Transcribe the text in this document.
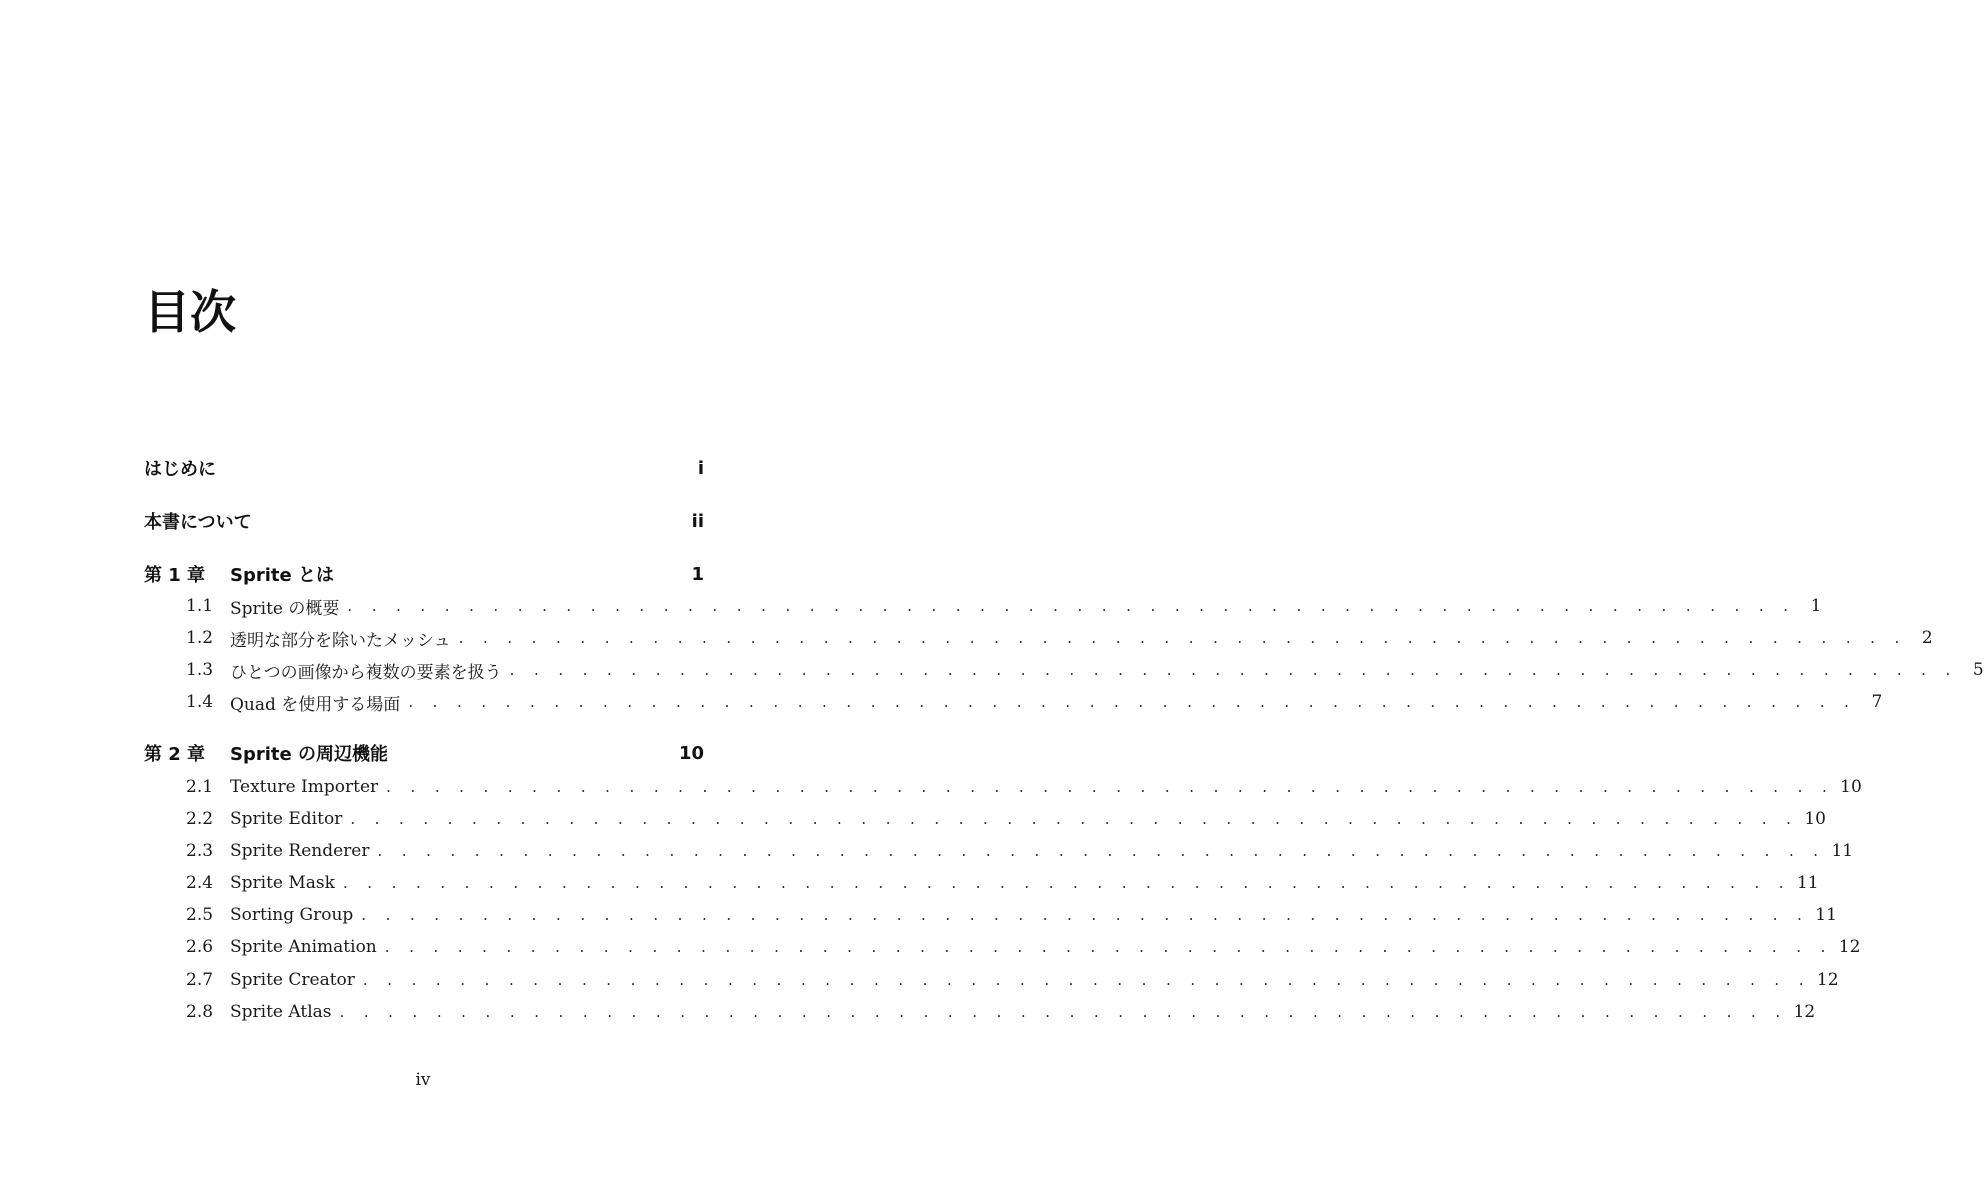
目次
はじめに	i
本書について	ii
第 1 章	Sprite とは	1
1.1 Sprite の概要 . . . . . . . . . . . . . . . . . . . . . . . . . . . . . . . . . . . . . . . . . . . . . . . . . . . . . . . . . . . . 1
1.2 透明な部分を除いたメッシュ . . . . . . . . . . . . . . . . . . . . . . . . . . . . . . . . . . . . . . . . . . . . . . . . . . . . . . . . . . . . 2
1.3 ひとつの画像から複数の要素を扱う . . . . . . . . . . . . . . . . . . . . . . . . . . . . . . . . . . . . . . . . . . . . . . . . . . . . . . . . . . . . 5
1.4 Quad を使用する場面 . . . . . . . . . . . . . . . . . . . . . . . . . . . . . . . . . . . . . . . . . . . . . . . . . . . . . . . . . . . . 7
第 2 章	Sprite の周辺機能	10
2.1 Texture Importer . . . . . . . . . . . . . . . . . . . . . . . . . . . . . . . . . . . . . . . . . . . . . . . . . . . . . . . . . . . . 10
2.2 Sprite Editor . . . . . . . . . . . . . . . . . . . . . . . . . . . . . . . . . . . . . . . . . . . . . . . . . . . . . . . . . . . . 10
2.3 Sprite Renderer . . . . . . . . . . . . . . . . . . . . . . . . . . . . . . . . . . . . . . . . . . . . . . . . . . . . . . . . . . . . 11
2.4 Sprite Mask . . . . . . . . . . . . . . . . . . . . . . . . . . . . . . . . . . . . . . . . . . . . . . . . . . . . . . . . . . . . 11
2.5 Sorting Group . . . . . . . . . . . . . . . . . . . . . . . . . . . . . . . . . . . . . . . . . . . . . . . . . . . . . . . . . . . . 11
2.6 Sprite Animation . . . . . . . . . . . . . . . . . . . . . . . . . . . . . . . . . . . . . . . . . . . . . . . . . . . . . . . . . . . . 12
2.7 Sprite Creator . . . . . . . . . . . . . . . . . . . . . . . . . . . . . . . . . . . . . . . . . . . . . . . . . . . . . . . . . . . . 12
2.8 Sprite Atlas . . . . . . . . . . . . . . . . . . . . . . . . . . . . . . . . . . . . . . . . . . . . . . . . . . . . . . . . . . . . 12
iv
